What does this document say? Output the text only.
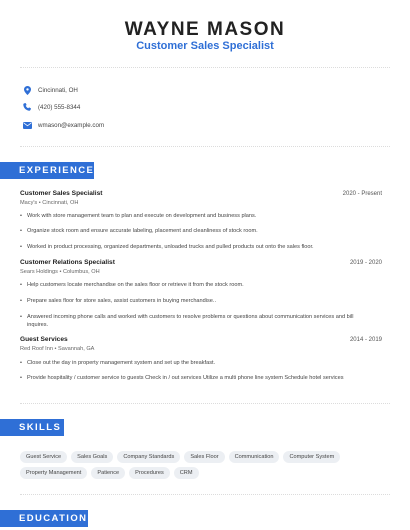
WAYNE MASON
Customer Sales Specialist
Cincinnati, OH
(420) 555-8344
wmason@example.com
EXPERIENCE
Customer Sales Specialist	2020 - Present
Macy's • Cincinnati, OH
• Work with store management team to plan and execute on development and business plans.
• Organize stock room and ensure accurate labeling, placement and cleanliness of stock room.
• Worked in product processing, organized departments, unloaded trucks and pulled products out onto the sales floor.
Customer Relations Specialist	2019 - 2020
Sears Holdings • Columbus, OH
• Help customers locate merchandise on the sales floor or retrieve it from the stock room.
• Prepare sales floor for store sales, assist customers in buying merchandise..
• Answered incoming phone calls and worked with customers to resolve problems or questions about communication services and bill inquires.
Guest Services	2014 - 2019
Red Roof Inn • Savannah, GA
• Close out the day in property management system and set up the breakfast.
• Provide hospitality / customer service to guests Check in / out services Utilize a multi phone line system Schedule hotel services
SKILLS
Guest Service	Sales Goals	Company Standards	Sales Floor	Communication	Computer System
Property Management	Patience	Procedures	CRM
EDUCATION
